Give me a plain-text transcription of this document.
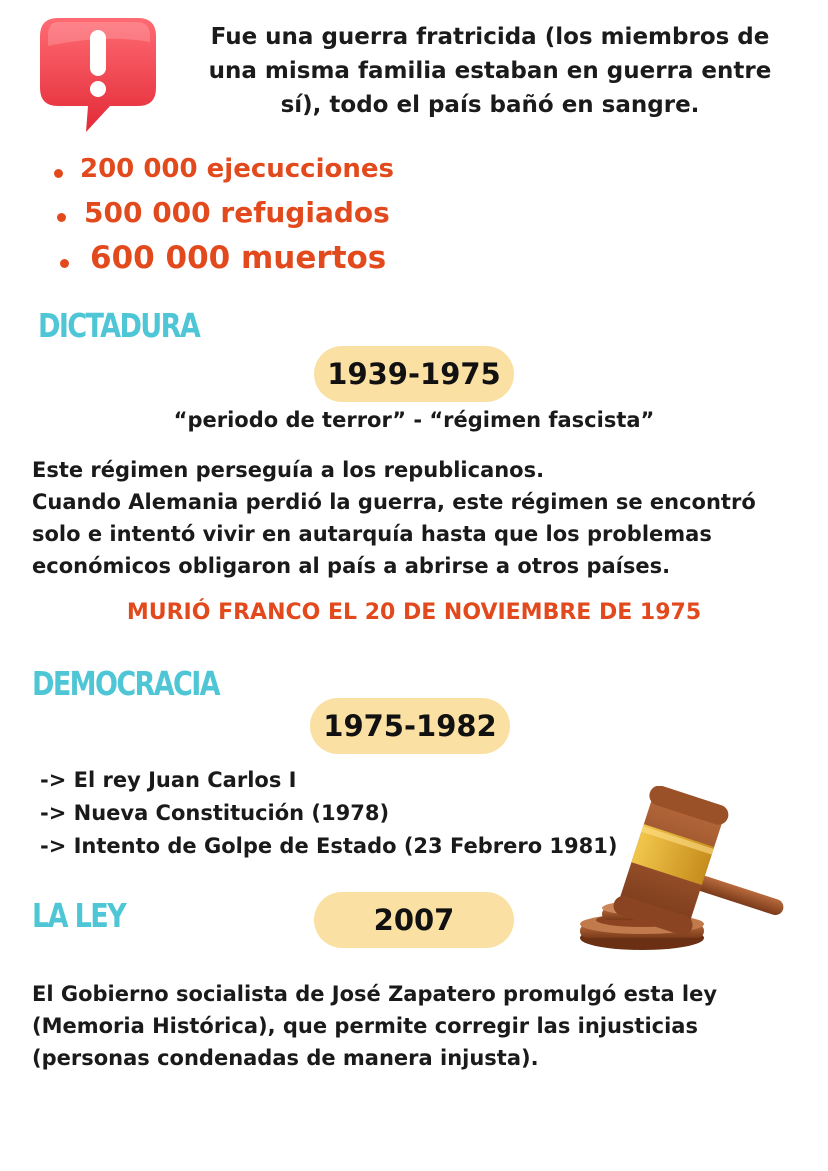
Fue una guerra fratricida (los miembros de
una misma familia estaban en guerra entre
sí), todo el país bañó en sangre.
200 000 ejecucciones
500 000 refugiados
600 000 muertos
DICTADURA
1939-1975
“periodo de terror” - “régimen fascista”
Este régimen perseguía a los republicanos.
Cuando Alemania perdió la guerra, este régimen se encontró
solo e intentó vivir en autarquía hasta que los problemas
económicos obligaron al país a abrirse a otros países.
MURIÓ FRANCO EL 20 DE NOVIEMBRE DE 1975
DEMOCRACIA
1975-1982
-> El rey Juan Carlos I
-> Nueva Constitución (1978)
-> Intento de Golpe de Estado (23 Febrero 1981)
LA LEY	2007
El Gobierno socialista de José Zapatero promulgó esta ley
(Memoria Histórica), que permite corregir las injusticias
(personas condenadas de manera injusta).
